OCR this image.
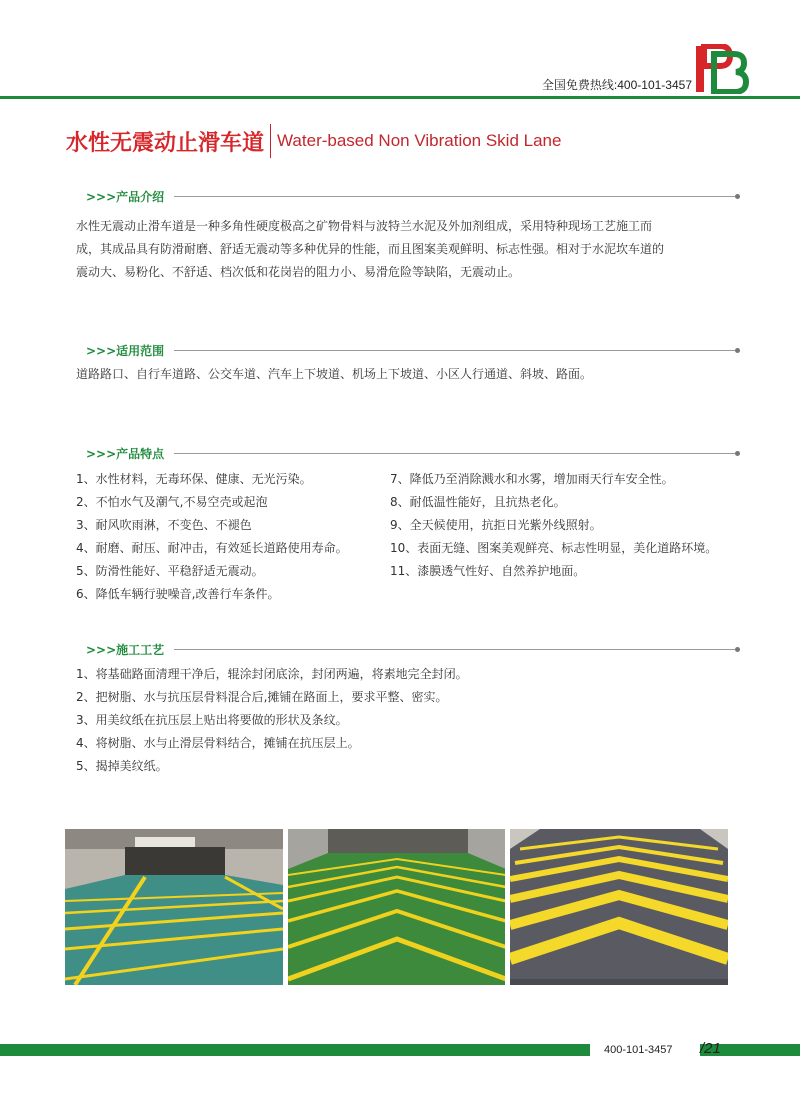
全国免费热线:400-101-3457
水性无震动止滑车道 Water-based Non Vibration Skid Lane
>>>产品介绍
水性无震动止滑车道是一种多角性硬度极高之矿物骨料与波特兰水泥及外加剂组成，采用特种现场工艺施工而
成，其成品具有防滑耐磨、舒适无震动等多种优异的性能，而且图案美观鲜明、标志性强。相对于水泥坎车道的
震动大、易粉化、不舒适、档次低和花岗岩的阻力小、易滑危险等缺陷，无震动止。
>>>适用范围
道路路口、自行车道路、公交车道、汽车上下坡道、机场上下坡道、小区人行通道、斜坡、路面。
>>>产品特点
1、水性材料，无毒环保、健康、无光污染。
2、不怕水气及潮气,不易空壳或起泡
3、耐风吹雨淋，不变色、不褪色
4、耐磨、耐压、耐冲击，有效延长道路使用寿命。
5、防滑性能好、平稳舒适无震动。
6、降低车辆行驶噪音,改善行车条件。
7、降低乃至消除溅水和水雾，增加雨天行车安全性。
8、耐低温性能好，且抗热老化。
9、全天候使用，抗拒日光紫外线照射。
10、表面无缝、图案美观鲜亮、标志性明显，美化道路环境。
11、漆膜透气性好、自然养护地面。
>>>施工工艺
1、将基础路面清理干净后，辊涂封闭底涂，封闭两遍，将素地完全封闭。
2、把树脂、水与抗压层骨料混合后,摊铺在路面上，要求平整、密实。
3、用美纹纸在抗压层上贴出将要做的形状及条纹。
4、将树脂、水与止滑层骨料结合，摊铺在抗压层上。
5、揭掉美纹纸。
400-101-3457 /21
